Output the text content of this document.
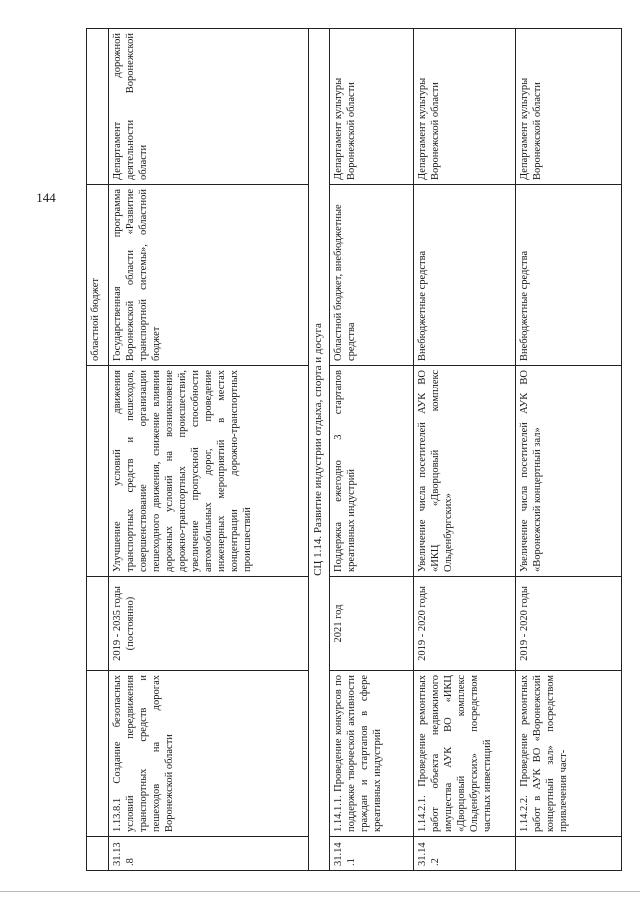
144
				областной бюджет	
31.13.8	1.13.8.1 Создание безопасных условий передвижения транспортных средств и пешеходов на дорогах Воронежской области	2019 - 2035 годы (постоянно)	Улучшение условий движения транспортных средств и пешеходов, совершенствование организации пешеходного движения, снижение влияния дорожных условий на возникновение дорожно-транспортных происшествий, увеличение пропускной способности автомобильных дорог, проведение инженерных мероприятий в местах концентрации дорожно-транспортных происшествий	Государственная программа Воронежской области «Развитие транспортной системы», областной бюджет	Департамент дорожной деятельности Воронежской области
СЦ 1.14. Развитие индустрии отдыха, спорта и досуга					
31.14.1	1.14.1.1. Проведение конкурсов по поддержке творческой активности граждан и стартапов в сфере креативных индустрий	2021 год	Поддержка ежегодно 3 стартапов креативных индустрий	Областной бюджет, внебюджетные средства	Департамент культуры Воронежской области
31.14.2	1.14.2.1. Проведение ремонтных работ объекта недвижимого имущества АУК ВО «ИКЦ «Дворцовый комплекс Ольденбургских» посредством частных инвестиций	2019 - 2020 годы	Увеличение числа посетителей АУК ВО «ИКЦ «Дворцовый комплекс Ольденбургских»	Внебюджетные средства	Департамент культуры Воронежской области
	1.14.2.2. Проведение ремонтных работ в АУК ВО «Воронежский концертный зал» посредством привлечения част-	2019 - 2020 годы	Увеличение числа посетителей АУК ВО «Воронежский концертный зал»	Внебюджетные средства	Департамент культуры Воронежской области
